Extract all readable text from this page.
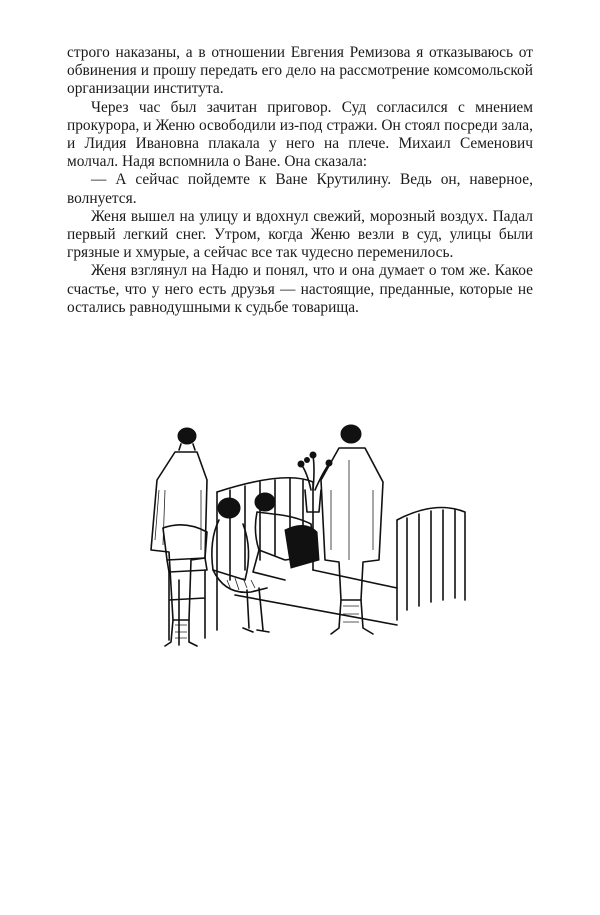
строго наказаны, а в отношении Евгения Ремизова я отказываюсь от обвинения и прошу передать его дело на рассмотрение комсомольской организации института.

Через час был зачитан приговор. Суд согласился с мнением прокурора, и Женю освободили из-под стражи. Он стоял посреди зала, и Лидия Ивановна плакала у него на плече. Михаил Семенович молчал. Надя вспомнила о Ване. Она сказала:

— А сейчас пойдемте к Ване Крутилину. Ведь он, наверное, волнуется.

Женя вышел на улицу и вдохнул свежий, морозный воздух. Падал первый легкий снег. Утром, когда Женю везли в суд, улицы были грязные и хмурые, а сейчас все так чудесно переменилось.

Женя взглянул на Надю и понял, что и она думает о том же. Какое счастье, что у него есть друзья — настоящие, преданные, которые не остались равнодушными к судьбе товарища.
